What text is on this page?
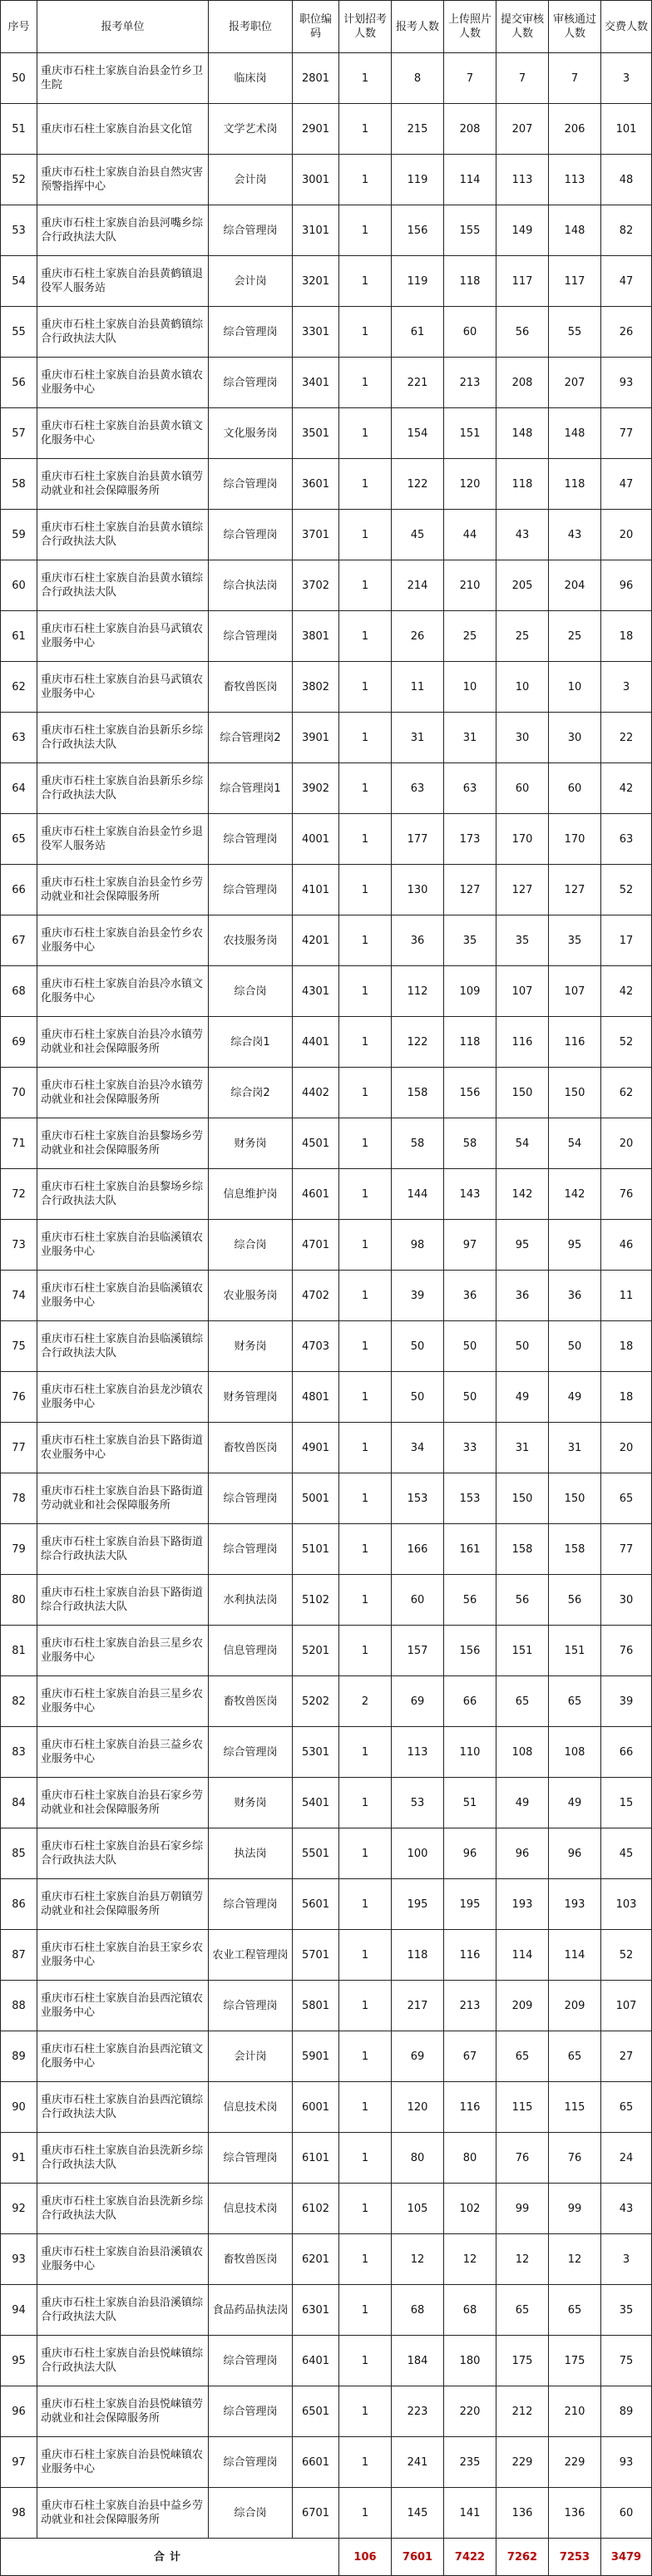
序号	报考单位	报考职位	职位编码	计划招考人数	报考人数	上传照片人数	提交审核人数	审核通过人数	交费人数
50	重庆市石柱土家族自治县金竹乡卫生院	临床岗	2801	1	8	7	7	7	3
51	重庆市石柱土家族自治县文化馆	文学艺术岗	2901	1	215	208	207	206	101
52	重庆市石柱土家族自治县自然灾害预警指挥中心	会计岗	3001	1	119	114	113	113	48
53	重庆市石柱土家族自治县河嘴乡综合行政执法大队	综合管理岗	3101	1	156	155	149	148	82
54	重庆市石柱土家族自治县黄鹤镇退役军人服务站	会计岗	3201	1	119	118	117	117	47
55	重庆市石柱土家族自治县黄鹤镇综合行政执法大队	综合管理岗	3301	1	61	60	56	55	26
56	重庆市石柱土家族自治县黄水镇农业服务中心	综合管理岗	3401	1	221	213	208	207	93
57	重庆市石柱土家族自治县黄水镇文化服务中心	文化服务岗	3501	1	154	151	148	148	77
58	重庆市石柱土家族自治县黄水镇劳动就业和社会保障服务所	综合管理岗	3601	1	122	120	118	118	47
59	重庆市石柱土家族自治县黄水镇综合行政执法大队	综合管理岗	3701	1	45	44	43	43	20
60	重庆市石柱土家族自治县黄水镇综合行政执法大队	综合执法岗	3702	1	214	210	205	204	96
61	重庆市石柱土家族自治县马武镇农业服务中心	综合管理岗	3801	1	26	25	25	25	18
62	重庆市石柱土家族自治县马武镇农业服务中心	畜牧兽医岗	3802	1	11	10	10	10	3
63	重庆市石柱土家族自治县新乐乡综合行政执法大队	综合管理岗2	3901	1	31	31	30	30	22
64	重庆市石柱土家族自治县新乐乡综合行政执法大队	综合管理岗1	3902	1	63	63	60	60	42
65	重庆市石柱土家族自治县金竹乡退役军人服务站	综合管理岗	4001	1	177	173	170	170	63
66	重庆市石柱土家族自治县金竹乡劳动就业和社会保障服务所	综合管理岗	4101	1	130	127	127	127	52
67	重庆市石柱土家族自治县金竹乡农业服务中心	农技服务岗	4201	1	36	35	35	35	17
68	重庆市石柱土家族自治县冷水镇文化服务中心	综合岗	4301	1	112	109	107	107	42
69	重庆市石柱土家族自治县冷水镇劳动就业和社会保障服务所	综合岗1	4401	1	122	118	116	116	52
70	重庆市石柱土家族自治县冷水镇劳动就业和社会保障服务所	综合岗2	4402	1	158	156	150	150	62
71	重庆市石柱土家族自治县黎场乡劳动就业和社会保障服务所	财务岗	4501	1	58	58	54	54	20
72	重庆市石柱土家族自治县黎场乡综合行政执法大队	信息维护岗	4601	1	144	143	142	142	76
73	重庆市石柱土家族自治县临溪镇农业服务中心	综合岗	4701	1	98	97	95	95	46
74	重庆市石柱土家族自治县临溪镇农业服务中心	农业服务岗	4702	1	39	36	36	36	11
75	重庆市石柱土家族自治县临溪镇综合行政执法大队	财务岗	4703	1	50	50	50	50	18
76	重庆市石柱土家族自治县龙沙镇农业服务中心	财务管理岗	4801	1	50	50	49	49	18
77	重庆市石柱土家族自治县下路街道农业服务中心	畜牧兽医岗	4901	1	34	33	31	31	20
78	重庆市石柱土家族自治县下路街道劳动就业和社会保障服务所	综合管理岗	5001	1	153	153	150	150	65
79	重庆市石柱土家族自治县下路街道综合行政执法大队	综合管理岗	5101	1	166	161	158	158	77
80	重庆市石柱土家族自治县下路街道综合行政执法大队	水利执法岗	5102	1	60	56	56	56	30
81	重庆市石柱土家族自治县三星乡农业服务中心	信息管理岗	5201	1	157	156	151	151	76
82	重庆市石柱土家族自治县三星乡农业服务中心	畜牧兽医岗	5202	2	69	66	65	65	39
83	重庆市石柱土家族自治县三益乡农业服务中心	综合管理岗	5301	1	113	110	108	108	66
84	重庆市石柱土家族自治县石家乡劳动就业和社会保障服务所	财务岗	5401	1	53	51	49	49	15
85	重庆市石柱土家族自治县石家乡综合行政执法大队	执法岗	5501	1	100	96	96	96	45
86	重庆市石柱土家族自治县万朝镇劳动就业和社会保障服务所	综合管理岗	5601	1	195	195	193	193	103
87	重庆市石柱土家族自治县王家乡农业服务中心	农业工程管理岗	5701	1	118	116	114	114	52
88	重庆市石柱土家族自治县西沱镇农业服务中心	综合管理岗	5801	1	217	213	209	209	107
89	重庆市石柱土家族自治县西沱镇文化服务中心	会计岗	5901	1	69	67	65	65	27
90	重庆市石柱土家族自治县西沱镇综合行政执法大队	信息技术岗	6001	1	120	116	115	115	65
91	重庆市石柱土家族自治县洗新乡综合行政执法大队	综合管理岗	6101	1	80	80	76	76	24
92	重庆市石柱土家族自治县洗新乡综合行政执法大队	信息技术岗	6102	1	105	102	99	99	43
93	重庆市石柱土家族自治县沿溪镇农业服务中心	畜牧兽医岗	6201	1	12	12	12	12	3
94	重庆市石柱土家族自治县沿溪镇综合行政执法大队	食品药品执法岗	6301	1	68	68	65	65	35
95	重庆市石柱土家族自治县悦崃镇综合行政执法大队	综合管理岗	6401	1	184	180	175	175	75
96	重庆市石柱土家族自治县悦崃镇劳动就业和社会保障服务所	综合管理岗	6501	1	223	220	212	210	89
97	重庆市石柱土家族自治县悦崃镇农业服务中心	综合管理岗	6601	1	241	235	229	229	93
98	重庆市石柱土家族自治县中益乡劳动就业和社会保障服务所	综合岗	6701	1	145	141	136	136	60
合计				106	7601	7422	7262	7253	3479
